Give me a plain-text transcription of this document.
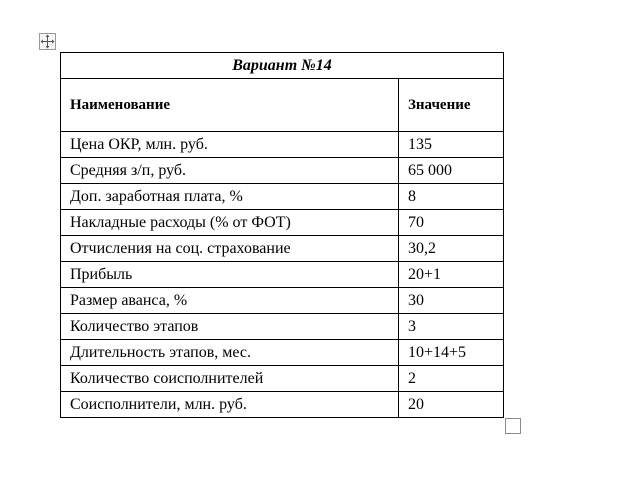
Вариант №14	
Наименование	Значение
Цена ОКР, млн. руб.	135
Средняя з/п, руб.	65 000
Доп. заработная плата, %	8
Накладные расходы (% от ФОТ)	70
Отчисления на соц. страхование	30,2
Прибыль	20+1
Размер аванса, %	30
Количество этапов	3
Длительность этапов, мес.	10+14+5
Количество соисполнителей	2
Соисполнители, млн. руб.	20
